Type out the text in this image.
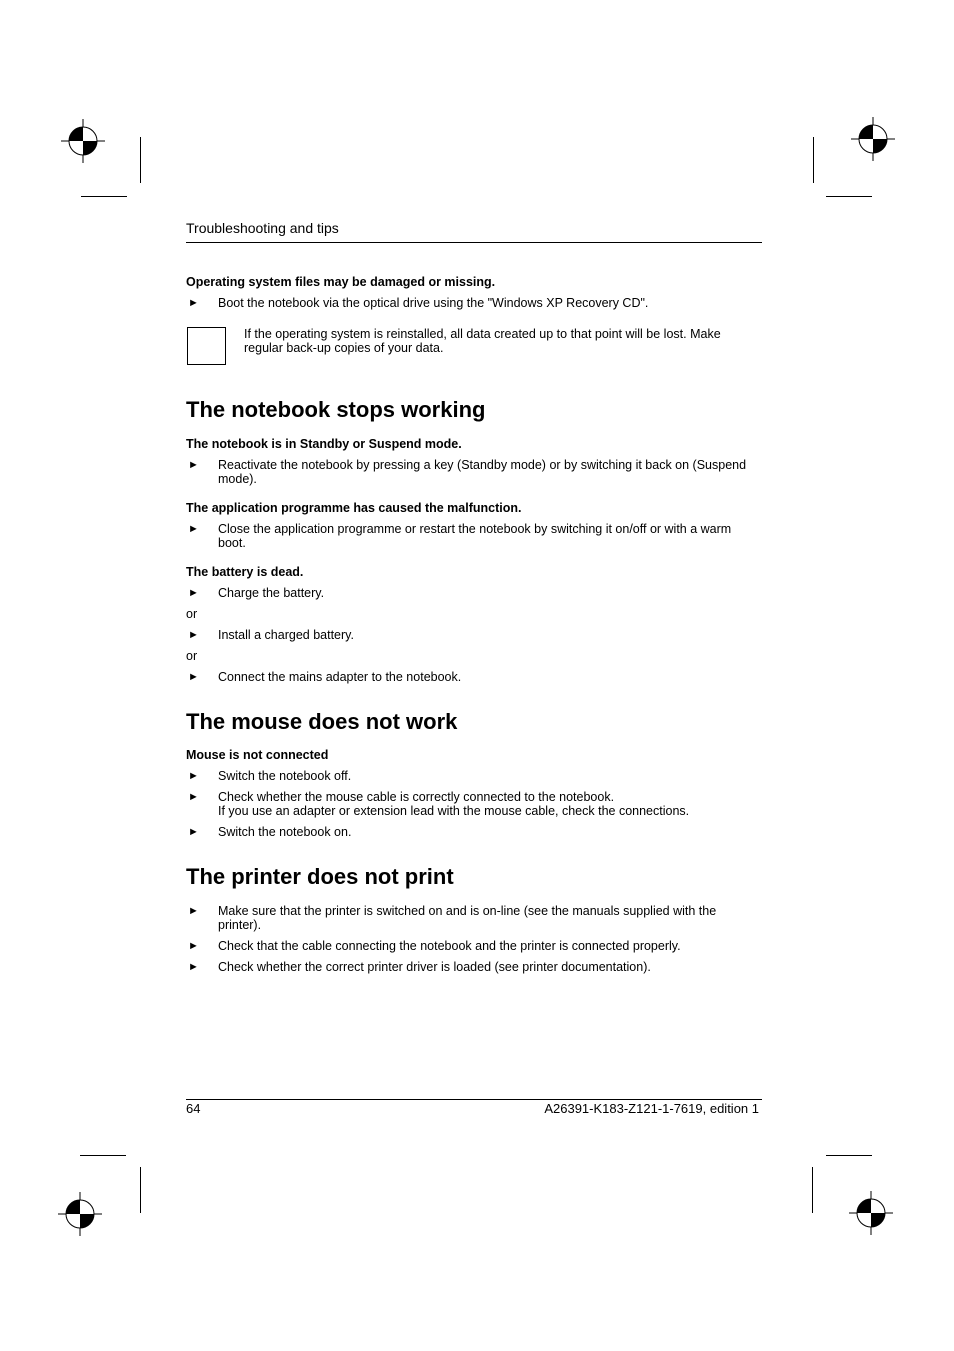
Troubleshooting and tips
Operating system files may be damaged or missing.
► Boot the notebook via the optical drive using the "Windows XP Recovery CD".
If the operating system is reinstalled, all data created up to that point will be lost. Make regular back-up copies of your data.
The notebook stops working
The notebook is in Standby or Suspend mode.
► Reactivate the notebook by pressing a key (Standby mode) or by switching it back on (Suspend mode).
The application programme has caused the malfunction.
► Close the application programme or restart the notebook by switching it on/off or with a warm boot.
The battery is dead.
► Charge the battery.
or
► Install a charged battery.
or
► Connect the mains adapter to the notebook.
The mouse does not work
Mouse is not connected
► Switch the notebook off.
► Check whether the mouse cable is correctly connected to the notebook.
If you use an adapter or extension lead with the mouse cable, check the connections.
► Switch the notebook on.
The printer does not print
► Make sure that the printer is switched on and is on-line (see the manuals supplied with the printer).
► Check that the cable connecting the notebook and the printer is connected properly.
► Check whether the correct printer driver is loaded (see printer documentation).
64	A26391-K183-Z121-1-7619, edition 1
